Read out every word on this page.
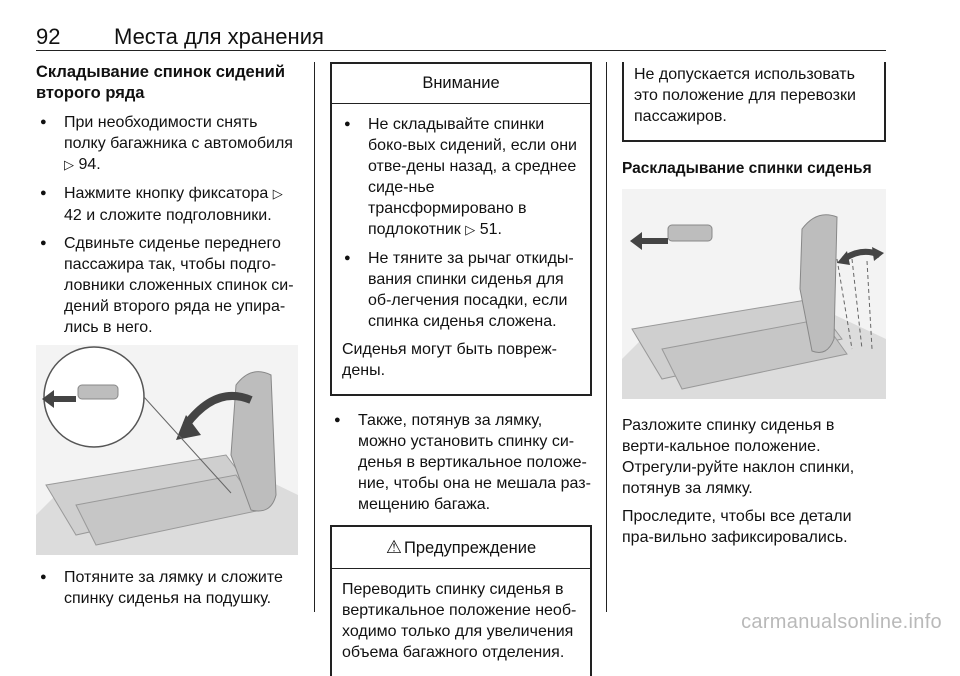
92 Места для хранения
Складывание спинок сидений второго ряда
● При необходимости снять полку багажника с автомобиля ▷ 94.
● Нажмите кнопку фиксатора ▷ 42 и сложите подголовники.
● Сдвиньте сиденье переднего пассажира так, чтобы подго-ловники сложенных спинок си-дений второго ряда не упира-лись в него.
● Потяните за лямку и сложите спинку сиденья на подушку.
Внимание
● Не складывайте спинки боко-вых сидений, если они отве-дены назад, а среднее сиде-нье трансформировано в подлокотник ▷ 51.
● Не тяните за рычаг откиды-вания спинки сиденья для об-легчения посадки, если спинка сиденья сложена.

Сиденья могут быть повреж-дены.

● Также, потянув за лямку, можно установить спинку си-денья в вертикальное положе-ние, чтобы она не мешала раз-мещению багажа.
⚠ Предупреждение

Переводить спинку сиденья в вертикальное положение необ-ходимо только для увеличения объема багажного отделения.

Не допускается использовать это положение для перевозки пассажиров.

Раскладывание спинки сиденья

Разложите спинку сиденья в верти-кальное положение. Отрегули-руйте наклон спинки, потянув за лямку.

Проследите, чтобы все детали пра-вильно зафиксировались.

carmanualsonline.info
